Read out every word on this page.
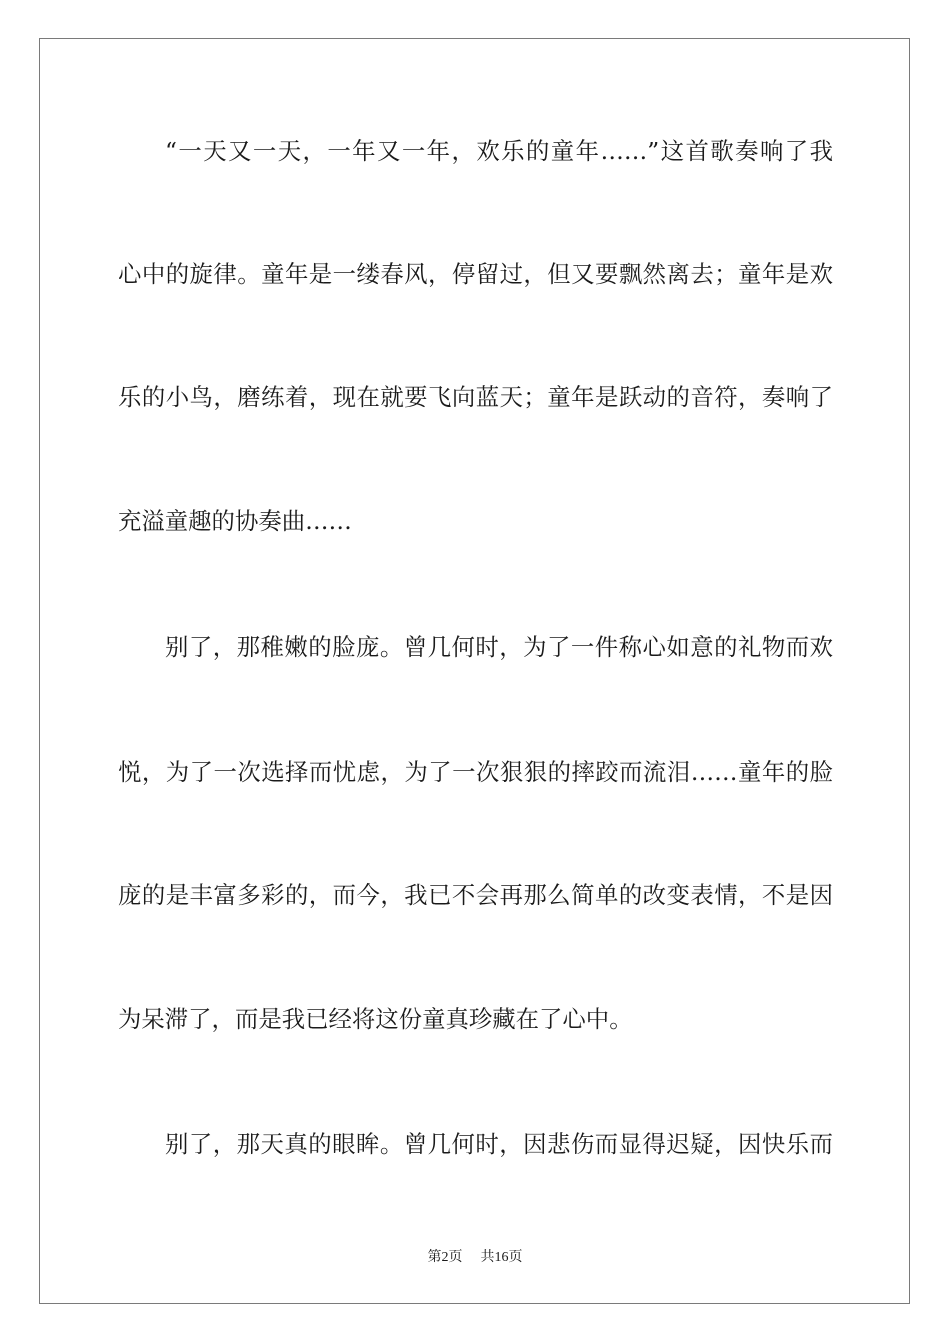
“一天又一天，一年又一年，欢乐的童年……”这首歌奏响了我
心中的旋律。童年是一缕春风，停留过，但又要飘然离去；童年是欢
乐的小鸟，磨练着，现在就要飞向蓝天；童年是跃动的音符，奏响了
充溢童趣的协奏曲……
别了，那稚嫩的脸庞。曾几何时，为了一件称心如意的礼物而欢
悦，为了一次选择而忧虑，为了一次狠狠的摔跤而流泪……童年的脸
庞的是丰富多彩的，而今，我已不会再那么简单的改变表情，不是因
为呆滞了，而是我已经将这份童真珍藏在了心中。
别了，那天真的眼眸。曾几何时，因悲伤而显得迟疑，因快乐而
第2页 共16页
